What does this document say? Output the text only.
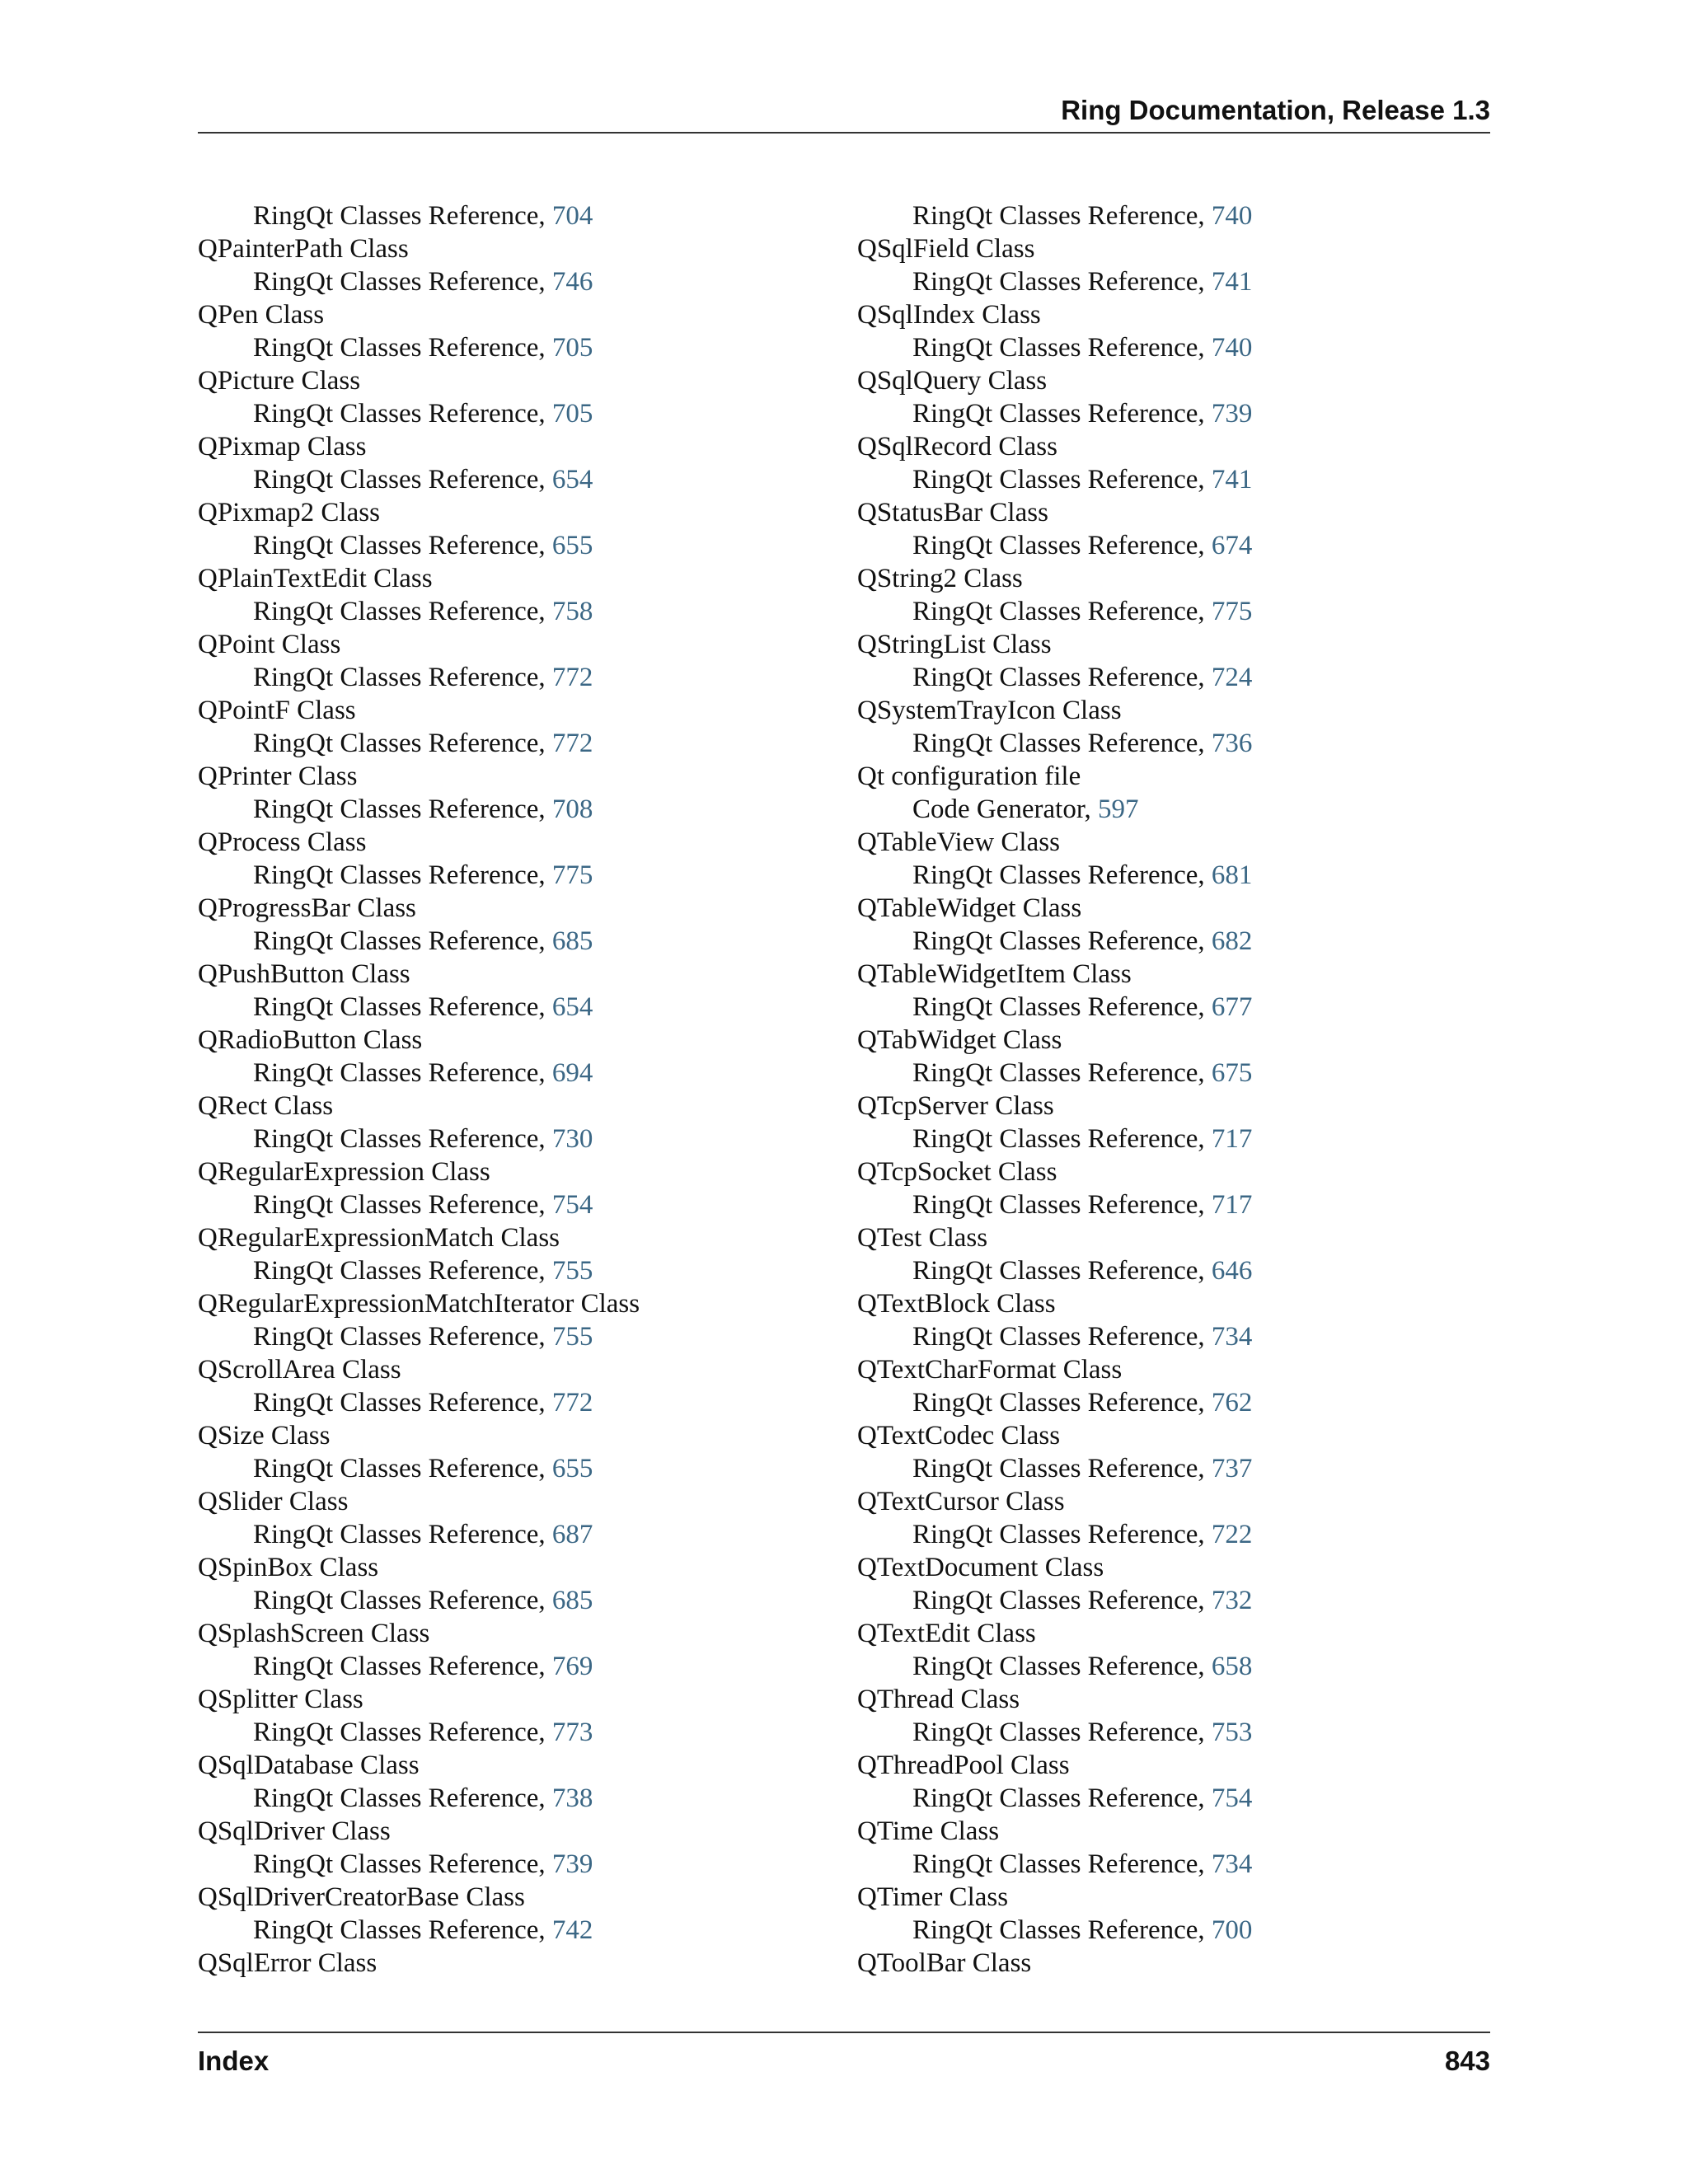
Ring Documentation, Release 1.3
RingQt Classes Reference, 704
QPainterPath Class
RingQt Classes Reference, 746
QPen Class
RingQt Classes Reference, 705
QPicture Class
RingQt Classes Reference, 705
QPixmap Class
RingQt Classes Reference, 654
QPixmap2 Class
RingQt Classes Reference, 655
QPlainTextEdit Class
RingQt Classes Reference, 758
QPoint Class
RingQt Classes Reference, 772
QPointF Class
RingQt Classes Reference, 772
QPrinter Class
RingQt Classes Reference, 708
QProcess Class
RingQt Classes Reference, 775
QProgressBar Class
RingQt Classes Reference, 685
QPushButton Class
RingQt Classes Reference, 654
QRadioButton Class
RingQt Classes Reference, 694
QRect Class
RingQt Classes Reference, 730
QRegularExpression Class
RingQt Classes Reference, 754
QRegularExpressionMatch Class
RingQt Classes Reference, 755
QRegularExpressionMatchIterator Class
RingQt Classes Reference, 755
QScrollArea Class
RingQt Classes Reference, 772
QSize Class
RingQt Classes Reference, 655
QSlider Class
RingQt Classes Reference, 687
QSpinBox Class
RingQt Classes Reference, 685
QSplashScreen Class
RingQt Classes Reference, 769
QSplitter Class
RingQt Classes Reference, 773
QSqlDatabase Class
RingQt Classes Reference, 738
QSqlDriver Class
RingQt Classes Reference, 739
QSqlDriverCreatorBase Class
RingQt Classes Reference, 742
QSqlError Class
RingQt Classes Reference, 740
QSqlField Class
RingQt Classes Reference, 741
QSqlIndex Class
RingQt Classes Reference, 740
QSqlQuery Class
RingQt Classes Reference, 739
QSqlRecord Class
RingQt Classes Reference, 741
QStatusBar Class
RingQt Classes Reference, 674
QString2 Class
RingQt Classes Reference, 775
QStringList Class
RingQt Classes Reference, 724
QSystemTrayIcon Class
RingQt Classes Reference, 736
Qt configuration file
Code Generator, 597
QTableView Class
RingQt Classes Reference, 681
QTableWidget Class
RingQt Classes Reference, 682
QTableWidgetItem Class
RingQt Classes Reference, 677
QTabWidget Class
RingQt Classes Reference, 675
QTcpServer Class
RingQt Classes Reference, 717
QTcpSocket Class
RingQt Classes Reference, 717
QTest Class
RingQt Classes Reference, 646
QTextBlock Class
RingQt Classes Reference, 734
QTextCharFormat Class
RingQt Classes Reference, 762
QTextCodec Class
RingQt Classes Reference, 737
QTextCursor Class
RingQt Classes Reference, 722
QTextDocument Class
RingQt Classes Reference, 732
QTextEdit Class
RingQt Classes Reference, 658
QThread Class
RingQt Classes Reference, 753
QThreadPool Class
RingQt Classes Reference, 754
QTime Class
RingQt Classes Reference, 734
QTimer Class
RingQt Classes Reference, 700
QToolBar Class
Index	843
